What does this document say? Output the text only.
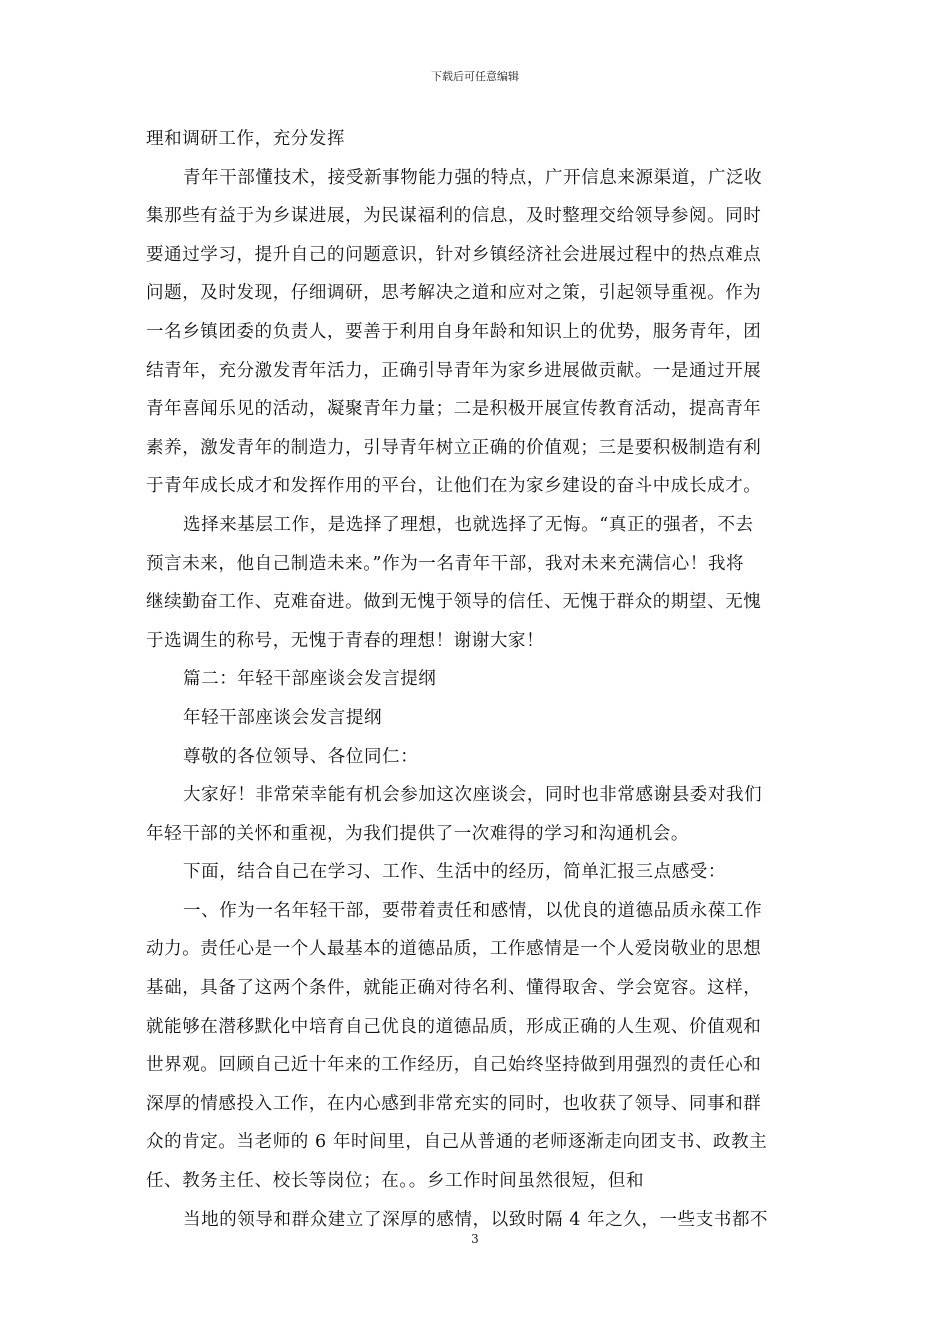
下载后可任意编辑
理和调研工作，充分发挥
青年干部懂技术，接受新事物能力强的特点，广开信息来源渠道，广泛收
集那些有益于为乡谋进展，为民谋福利的信息，及时整理交给领导参阅。同时
要通过学习，提升自己的问题意识，针对乡镇经济社会进展过程中的热点难点
问题，及时发现，仔细调研，思考解决之道和应对之策，引起领导重视。作为
一名乡镇团委的负责人，要善于利用自身年龄和知识上的优势，服务青年，团
结青年，充分激发青年活力，正确引导青年为家乡进展做贡献。一是通过开展
青年喜闻乐见的活动，凝聚青年力量；二是积极开展宣传教育活动，提高青年
素养，激发青年的制造力，引导青年树立正确的价值观；三是要积极制造有利
于青年成长成才和发挥作用的平台，让他们在为家乡建设的奋斗中成长成才。
选择来基层工作，是选择了理想，也就选择了无悔。“真正的强者，不去
预言未来，他自己制造未来。”作为一名青年干部，我对未来充满信心！我将
继续勤奋工作、克难奋进。做到无愧于领导的信任、无愧于群众的期望、无愧
于选调生的称号，无愧于青春的理想！谢谢大家！
篇二：年轻干部座谈会发言提纲
年轻干部座谈会发言提纲
尊敬的各位领导、各位同仁：
大家好！非常荣幸能有机会参加这次座谈会，同时也非常感谢县委对我们
年轻干部的关怀和重视，为我们提供了一次难得的学习和沟通机会。
下面，结合自己在学习、工作、生活中的经历，简单汇报三点感受：
一、作为一名年轻干部，要带着责任和感情，以优良的道德品质永葆工作
动力。责任心是一个人最基本的道德品质，工作感情是一个人爱岗敬业的思想
基础，具备了这两个条件，就能正确对待名利、懂得取舍、学会宽容。这样，
就能够在潜移默化中培育自己优良的道德品质，形成正确的人生观、价值观和
世界观。回顾自己近十年来的工作经历，自己始终坚持做到用强烈的责任心和
深厚的情感投入工作，在内心感到非常充实的同时，也收获了领导、同事和群
众的肯定。当老师的 6 年时间里，自己从普通的老师逐渐走向团支书、政教主
任、教务主任、校长等岗位；在。。乡工作时间虽然很短，但和
当地的领导和群众建立了深厚的感情，以致时隔 4 年之久，一些支书都不
3
